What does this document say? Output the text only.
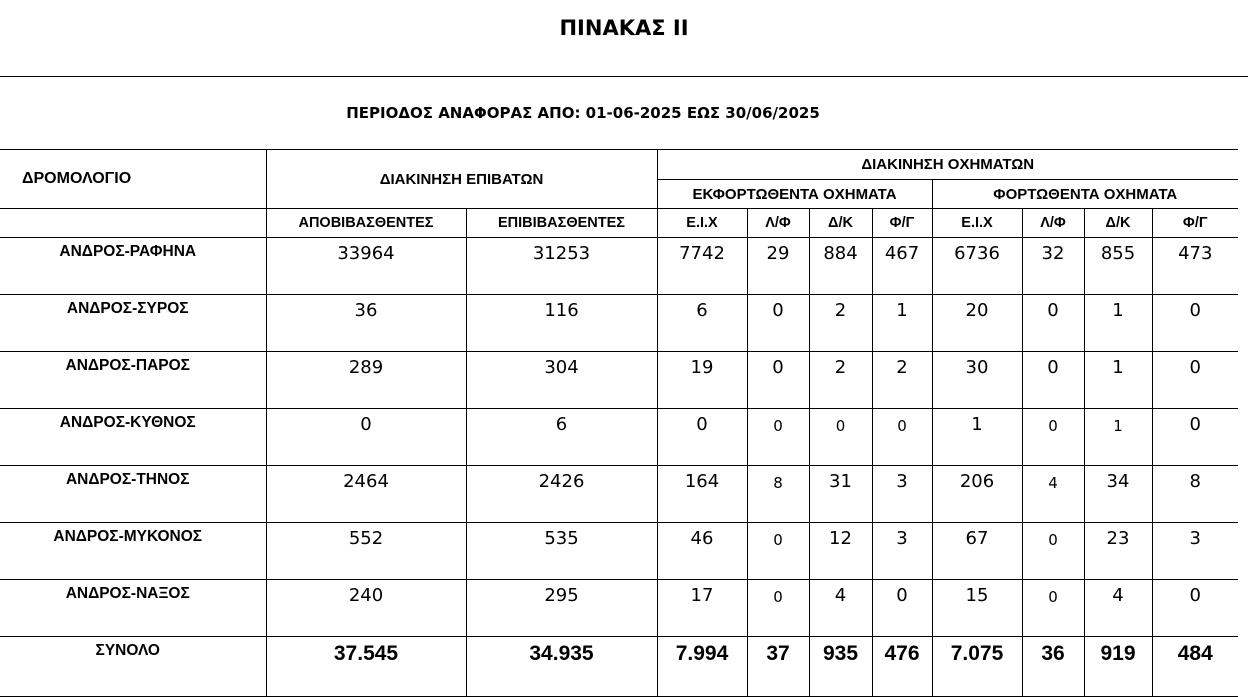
ΠΙΝΑΚΑΣ ΙΙ
ΠΕΡΙΟΔΟΣ ΑΝΑΦΟΡΑΣ ΑΠΟ: 01-06-2025 ΕΩΣ 30/06/2025
ΔΡΟΜΟΛΟΓΙΟ	ΔΙΑΚΙΝΗΣΗ ΕΠΙΒΑΤΩΝ		ΔΙΑΚΙΝΗΣΗ ΟΧΗΜΑΤΩΝ							
			ΕΚΦΟΡΤΩΘΕΝΤΑ ΟΧΗΜΑΤΑ				ΦΟΡΤΩΘΕΝΤΑ ΟΧΗΜΑΤΑ			
	ΑΠΟΒΙΒΑΣΘΕΝΤΕΣ	ΕΠΙΒΙΒΑΣΘΕΝΤΕΣ	Ε.Ι.Χ	Λ/Φ	Δ/Κ	Φ/Γ	Ε.Ι.Χ	Λ/Φ	Δ/Κ	Φ/Γ
ΑΝΔΡΟΣ-ΡΑΦΗΝΑ	33964	31253	7742	29	884	467	6736	32	855	473
ΑΝΔΡΟΣ-ΣΥΡΟΣ	36	116	6	0	2	1	20	0	1	0
ΑΝΔΡΟΣ-ΠΑΡΟΣ	289	304	19	0	2	2	30	0	1	0
ΑΝΔΡΟΣ-ΚΥΘΝΟΣ	0	6	0	0	0	0	1	0	1	0
ΑΝΔΡΟΣ-ΤΗΝΟΣ	2464	2426	164	8	31	3	206	4	34	8
ΑΝΔΡΟΣ-ΜΥΚΟΝΟΣ	552	535	46	0	12	3	67	0	23	3
ΑΝΔΡΟΣ-ΝΑΞΟΣ	240	295	17	0	4	0	15	0	4	0
ΣΥΝΟΛΟ	37.545	34.935	7.994	37	935	476	7.075	36	919	484
